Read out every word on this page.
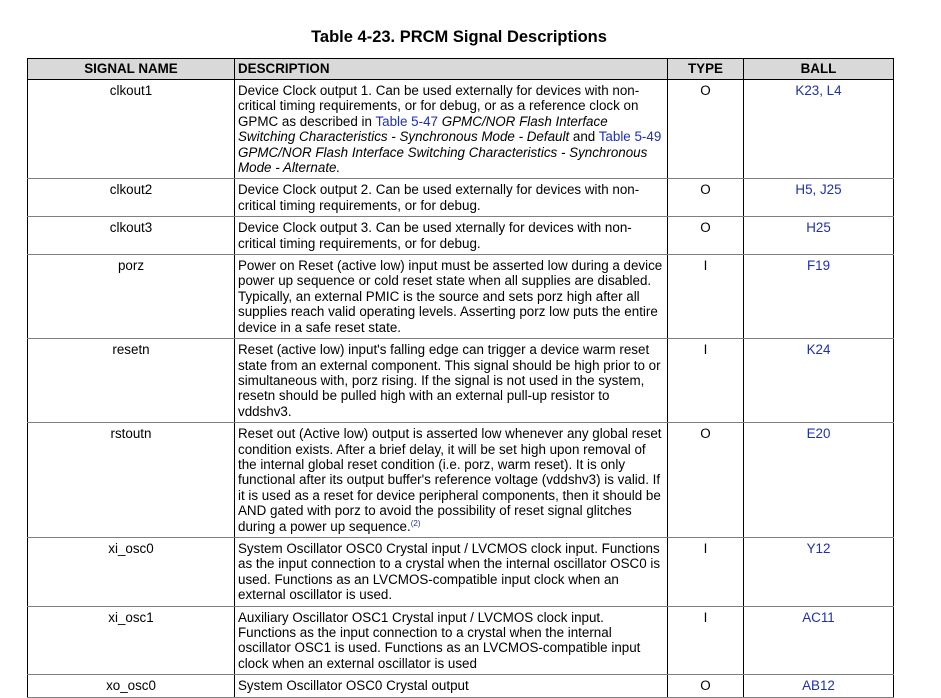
Table 4-23. PRCM Signal Descriptions
SIGNAL NAME	DESCRIPTION	TYPE	BALL
clkout1	Device Clock output 1. Can be used externally for devices with non-critical timing requirements, or for debug, or as a reference clock on GPMC as described in Table 5-47 GPMC/NOR Flash Interface Switching Characteristics - Synchronous Mode - Default and Table 5-49 GPMC/NOR Flash Interface Switching Characteristics - Synchronous Mode - Alternate.	O	K23, L4
clkout2	Device Clock output 2. Can be used externally for devices with non-critical timing requirements, or for debug.	O	H5, J25
clkout3	Device Clock output 3. Can be used xternally for devices with non-critical timing requirements, or for debug.	O	H25
porz	Power on Reset (active low) input must be asserted low during a device power up sequence or cold reset state when all supplies are disabled. Typically, an external PMIC is the source and sets porz high after all supplies reach valid operating levels. Asserting porz low puts the entire device in a safe reset state.	I	F19
resetn	Reset (active low) input's falling edge can trigger a device warm reset state from an external component. This signal should be high prior to or simultaneous with, porz rising. If the signal is not used in the system, resetn should be pulled high with an external pull-up resistor to vddshv3.	I	K24
rstoutn	Reset out (Active low) output is asserted low whenever any global reset condition exists. After a brief delay, it will be set high upon removal of the internal global reset condition (i.e. porz, warm reset). It is only functional after its output buffer's reference voltage (vddshv3) is valid. If it is used as a reset for device peripheral components, then it should be AND gated with porz to avoid the possibility of reset signal glitches during a power up sequence.$^{(2)}$	O	E20
xi_osc0	System Oscillator OSC0 Crystal input / LVCMOS clock input. Functions as the input connection to a crystal when the internal oscillator OSC0 is used. Functions as an LVCMOS-compatible input clock when an external oscillator is used.	I	Y12
xi_osc1	Auxiliary Oscillator OSC1 Crystal input / LVCMOS clock input. Functions as the input connection to a crystal when the internal oscillator OSC1 is used. Functions as an LVCMOS-compatible input clock when an external oscillator is used	I	AC11
xo_osc0	System Oscillator OSC0 Crystal output	O	AB12
